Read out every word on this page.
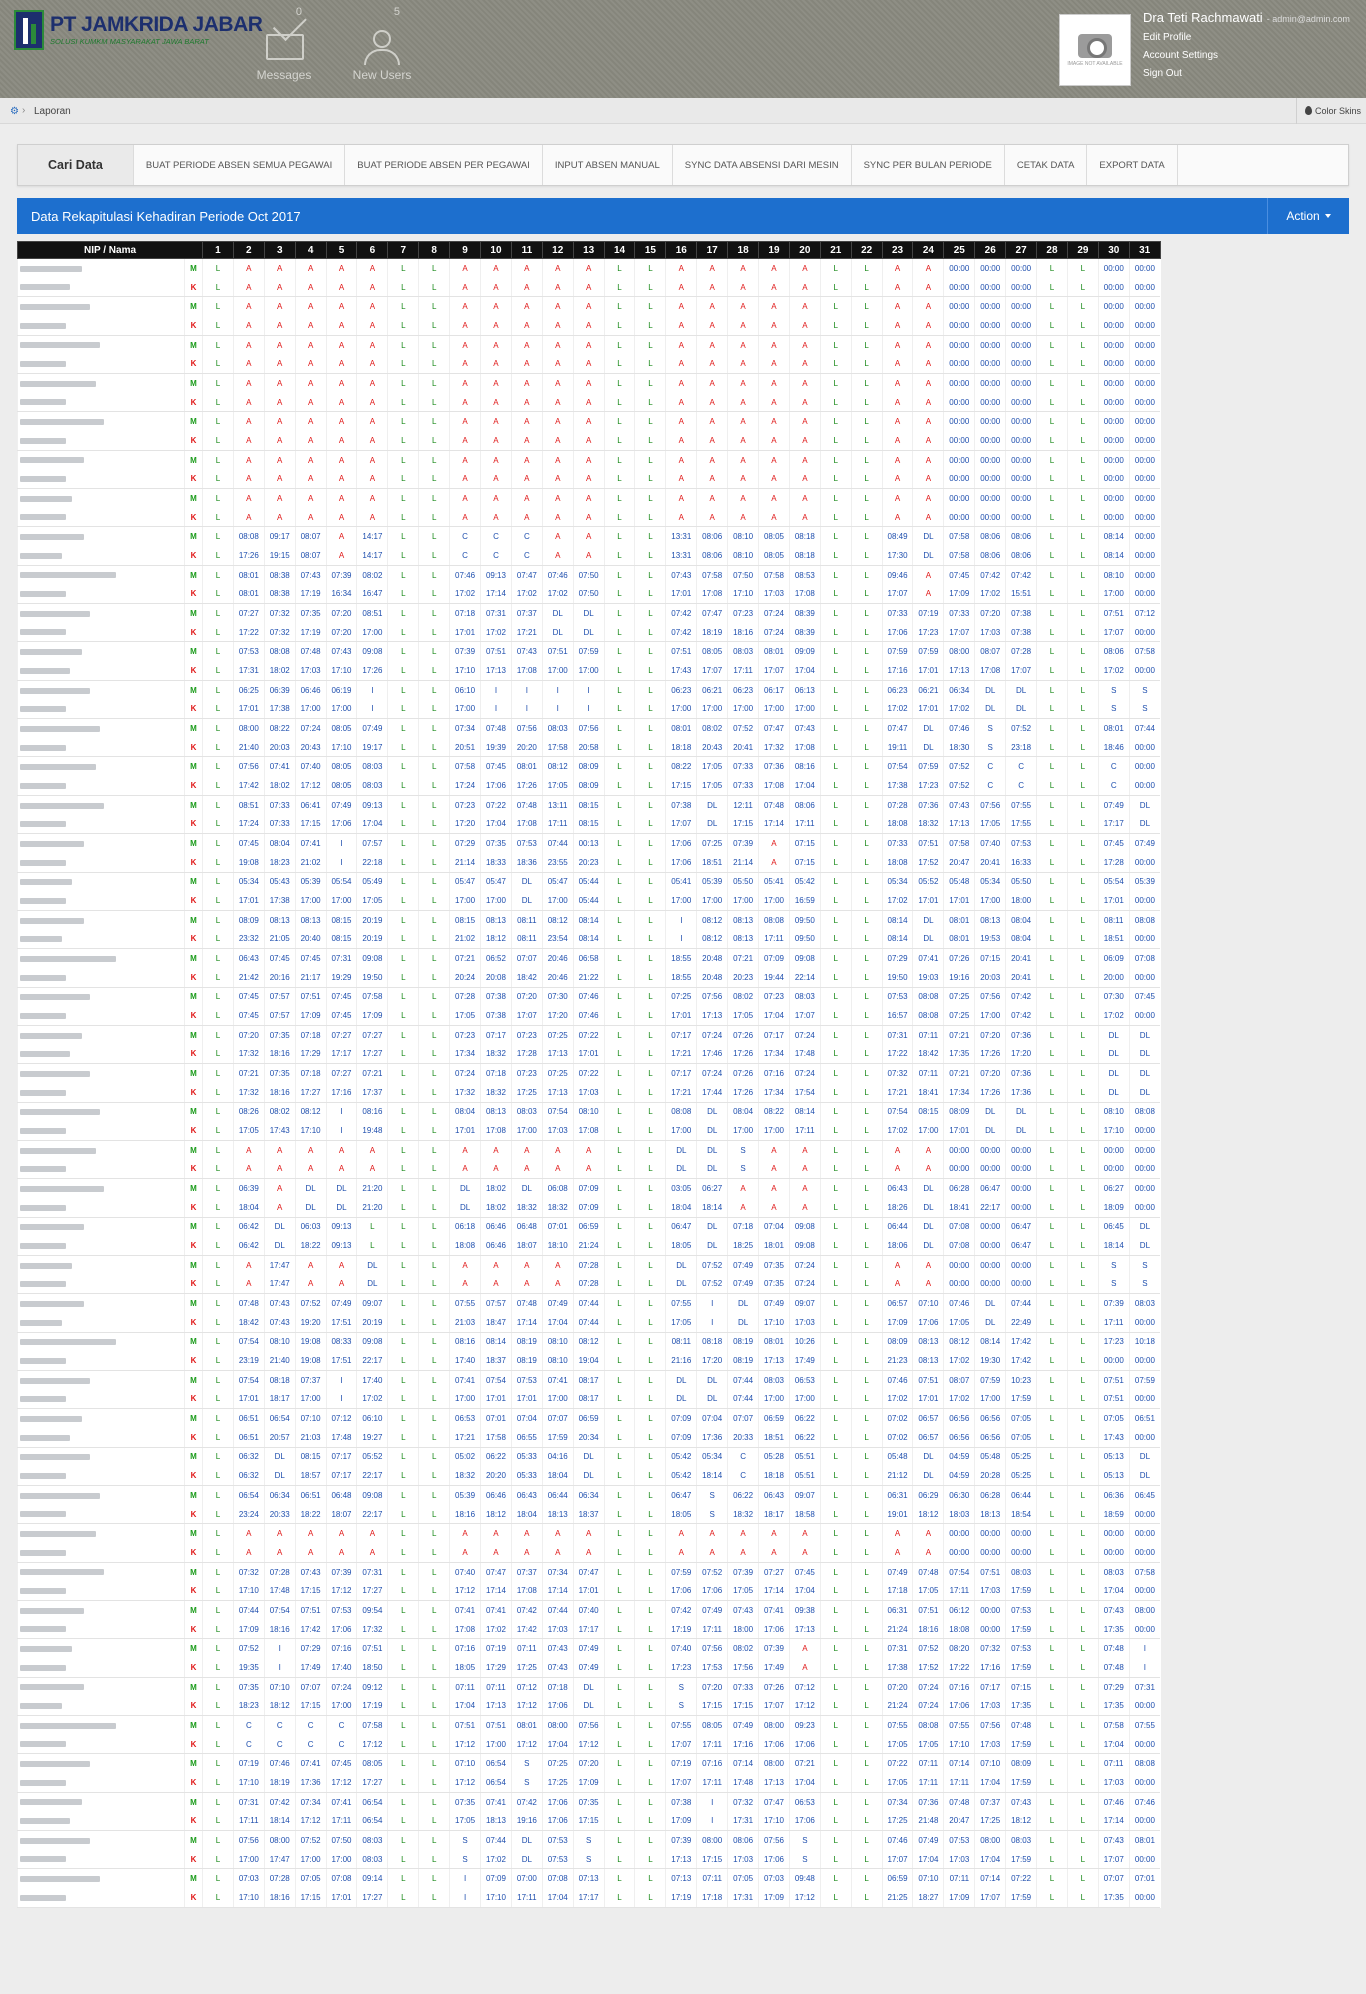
PT JAMKRIDA JABAR
SOLUSI KUMKM MASYARAKAT JAWA BARAT
0
Messages
5
New Users
IMAGE NOT AVAILABLE
Dra Teti Rachmawati - admin@admin.com
Edit Profile
Account Settings
Sign Out
⚙ › Laporan	Color Skins
Cari Data	BUAT PERIODE ABSEN SEMUA PEGAWAI	BUAT PERIODE ABSEN PER PEGAWAI	INPUT ABSEN MANUAL	SYNC DATA ABSENSI DARI MESIN	SYNC PER BULAN PERIODE	CETAK DATA	EXPORT DATA
Data Rekapitulasi Kehadiran Periode Oct 2017	Action
NIP / Nama		1	2	3	4	5	6	7	8	9	10	11	12	13	14	15	16	17	18	19	20	21	22	23	24	25	26	27	28	29	30	31
	M	L	A	A	A	A	A	L	L	A	A	A	A	A	L	L	A	A	A	A	A	L	L	A	A	00:00	00:00	00:00	L	L	00:00	00:00
	K	L	A	A	A	A	A	L	L	A	A	A	A	A	L	L	A	A	A	A	A	L	L	A	A	00:00	00:00	00:00	L	L	00:00	00:00
	M	L	A	A	A	A	A	L	L	A	A	A	A	A	L	L	A	A	A	A	A	L	L	A	A	00:00	00:00	00:00	L	L	00:00	00:00
	K	L	A	A	A	A	A	L	L	A	A	A	A	A	L	L	A	A	A	A	A	L	L	A	A	00:00	00:00	00:00	L	L	00:00	00:00
	M	L	A	A	A	A	A	L	L	A	A	A	A	A	L	L	A	A	A	A	A	L	L	A	A	00:00	00:00	00:00	L	L	00:00	00:00
	K	L	A	A	A	A	A	L	L	A	A	A	A	A	L	L	A	A	A	A	A	L	L	A	A	00:00	00:00	00:00	L	L	00:00	00:00
	M	L	A	A	A	A	A	L	L	A	A	A	A	A	L	L	A	A	A	A	A	L	L	A	A	00:00	00:00	00:00	L	L	00:00	00:00
	K	L	A	A	A	A	A	L	L	A	A	A	A	A	L	L	A	A	A	A	A	L	L	A	A	00:00	00:00	00:00	L	L	00:00	00:00
	M	L	A	A	A	A	A	L	L	A	A	A	A	A	L	L	A	A	A	A	A	L	L	A	A	00:00	00:00	00:00	L	L	00:00	00:00
	K	L	A	A	A	A	A	L	L	A	A	A	A	A	L	L	A	A	A	A	A	L	L	A	A	00:00	00:00	00:00	L	L	00:00	00:00
	M	L	A	A	A	A	A	L	L	A	A	A	A	A	L	L	A	A	A	A	A	L	L	A	A	00:00	00:00	00:00	L	L	00:00	00:00
	K	L	A	A	A	A	A	L	L	A	A	A	A	A	L	L	A	A	A	A	A	L	L	A	A	00:00	00:00	00:00	L	L	00:00	00:00
	M	L	A	A	A	A	A	L	L	A	A	A	A	A	L	L	A	A	A	A	A	L	L	A	A	00:00	00:00	00:00	L	L	00:00	00:00
	K	L	A	A	A	A	A	L	L	A	A	A	A	A	L	L	A	A	A	A	A	L	L	A	A	00:00	00:00	00:00	L	L	00:00	00:00
	M	L	08:08	09:17	08:07	A	14:17	L	L	C	C	C	A	A	L	L	13:31	08:06	08:10	08:05	08:18	L	L	08:49	DL	07:58	08:06	08:06	L	L	08:14	00:00
	K	L	17:26	19:15	08:07	A	14:17	L	L	C	C	C	A	A	L	L	13:31	08:06	08:10	08:05	08:18	L	L	17:30	DL	07:58	08:06	08:06	L	L	08:14	00:00
	M	L	08:01	08:38	07:43	07:39	08:02	L	L	07:46	09:13	07:47	07:46	07:50	L	L	07:43	07:58	07:50	07:58	08:53	L	L	09:46	A	07:45	07:42	07:42	L	L	08:10	00:00
	K	L	08:01	08:38	17:19	16:34	16:47	L	L	17:02	17:14	17:02	17:02	07:50	L	L	17:01	17:08	17:10	17:03	17:08	L	L	17:07	A	17:09	17:02	15:51	L	L	17:00	00:00
	M	L	07:27	07:32	07:35	07:20	08:51	L	L	07:18	07:31	07:37	DL	DL	L	L	07:42	07:47	07:23	07:24	08:39	L	L	07:33	07:19	07:33	07:20	07:38	L	L	07:51	07:12
	K	L	17:22	07:32	17:19	07:20	17:00	L	L	17:01	17:02	17:21	DL	DL	L	L	07:42	18:19	18:16	07:24	08:39	L	L	17:06	17:23	17:07	17:03	07:38	L	L	17:07	00:00
	M	L	07:53	08:08	07:48	07:43	09:08	L	L	07:39	07:51	07:43	07:51	07:59	L	L	07:51	08:05	08:03	08:01	09:09	L	L	07:59	07:59	08:00	08:07	07:28	L	L	08:06	07:58
	K	L	17:31	18:02	17:03	17:10	17:26	L	L	17:10	17:13	17:08	17:00	17:00	L	L	17:43	17:07	17:11	17:07	17:04	L	L	17:16	17:01	17:13	17:08	17:07	L	L	17:02	00:00
	M	L	06:25	06:39	06:46	06:19	I	L	L	06:10	I	I	I	I	L	L	06:23	06:21	06:23	06:17	06:13	L	L	06:23	06:21	06:34	DL	DL	L	L	S	S
	K	L	17:01	17:38	17:00	17:00	I	L	L	17:00	I	I	I	I	L	L	17:00	17:00	17:00	17:00	17:00	L	L	17:02	17:01	17:02	DL	DL	L	L	S	S
	M	L	08:00	08:22	07:24	08:05	07:49	L	L	07:34	07:48	07:56	08:03	07:56	L	L	08:01	08:02	07:52	07:47	07:43	L	L	07:47	DL	07:46	S	07:52	L	L	08:01	07:44
	K	L	21:40	20:03	20:43	17:10	19:17	L	L	20:51	19:39	20:20	17:58	20:58	L	L	18:18	20:43	20:41	17:32	17:08	L	L	19:11	DL	18:30	S	23:18	L	L	18:46	00:00
	M	L	07:56	07:41	07:40	08:05	08:03	L	L	07:58	07:45	08:01	08:12	08:09	L	L	08:22	17:05	07:33	07:36	08:16	L	L	07:54	07:59	07:52	C	C	L	L	C	00:00
	K	L	17:42	18:02	17:12	08:05	08:03	L	L	17:24	17:06	17:26	17:05	08:09	L	L	17:15	17:05	07:33	17:08	17:04	L	L	17:38	17:23	07:52	C	C	L	L	C	00:00
	M	L	08:51	07:33	06:41	07:49	09:13	L	L	07:23	07:22	07:48	13:11	08:15	L	L	07:38	DL	12:11	07:48	08:06	L	L	07:28	07:36	07:43	07:56	07:55	L	L	07:49	DL
	K	L	17:24	07:33	17:15	17:06	17:04	L	L	17:20	17:04	17:08	17:11	08:15	L	L	17:07	DL	17:15	17:14	17:11	L	L	18:08	18:32	17:13	17:05	17:55	L	L	17:17	DL
	M	L	07:45	08:04	07:41	I	07:57	L	L	07:29	07:35	07:53	07:44	00:13	L	L	17:06	07:25	07:39	A	07:15	L	L	07:33	07:51	07:58	07:40	07:53	L	L	07:45	07:49
	K	L	19:08	18:23	21:02	I	22:18	L	L	21:14	18:33	18:36	23:55	20:23	L	L	17:06	18:51	21:14	A	07:15	L	L	18:08	17:52	20:47	20:41	16:33	L	L	17:28	00:00
	M	L	05:34	05:43	05:39	05:54	05:49	L	L	05:47	05:47	DL	05:47	05:44	L	L	05:41	05:39	05:50	05:41	05:42	L	L	05:34	05:52	05:48	05:34	05:50	L	L	05:54	05:39
	K	L	17:01	17:38	17:00	17:00	17:05	L	L	17:00	17:00	DL	17:00	05:44	L	L	17:00	17:00	17:00	17:00	16:59	L	L	17:02	17:01	17:01	17:00	18:00	L	L	17:01	00:00
	M	L	08:09	08:13	08:13	08:15	20:19	L	L	08:15	08:13	08:11	08:12	08:14	L	L	I	08:12	08:13	08:08	09:50	L	L	08:14	DL	08:01	08:13	08:04	L	L	08:11	08:08
	K	L	23:32	21:05	20:40	08:15	20:19	L	L	21:02	18:12	08:11	23:54	08:14	L	L	I	08:12	08:13	17:11	09:50	L	L	08:14	DL	08:01	19:53	08:04	L	L	18:51	00:00
	M	L	06:43	07:45	07:45	07:31	09:08	L	L	07:21	06:52	07:07	20:46	06:58	L	L	18:55	20:48	07:21	07:09	09:08	L	L	07:29	07:41	07:26	07:15	20:41	L	L	06:09	07:08
	K	L	21:42	20:16	21:17	19:29	19:50	L	L	20:24	20:08	18:42	20:46	21:22	L	L	18:55	20:48	20:23	19:44	22:14	L	L	19:50	19:03	19:16	20:03	20:41	L	L	20:00	00:00
	M	L	07:45	07:57	07:51	07:45	07:58	L	L	07:28	07:38	07:20	07:30	07:46	L	L	07:25	07:56	08:02	07:23	08:03	L	L	07:53	08:08	07:25	07:56	07:42	L	L	07:30	07:45
	K	L	07:45	07:57	17:09	07:45	17:09	L	L	17:05	07:38	17:07	17:20	07:46	L	L	17:01	17:13	17:05	17:04	17:07	L	L	16:57	08:08	07:25	17:00	07:42	L	L	17:02	00:00
	M	L	07:20	07:35	07:18	07:27	07:27	L	L	07:23	07:17	07:23	07:25	07:22	L	L	07:17	07:24	07:26	07:17	07:24	L	L	07:31	07:11	07:21	07:20	07:36	L	L	DL	DL
	K	L	17:32	18:16	17:29	17:17	17:27	L	L	17:34	18:32	17:28	17:13	17:01	L	L	17:21	17:46	17:26	17:34	17:48	L	L	17:22	18:42	17:35	17:26	17:20	L	L	DL	DL
	M	L	07:21	07:35	07:18	07:27	07:21	L	L	07:24	07:18	07:23	07:25	07:22	L	L	07:17	07:24	07:26	07:16	07:24	L	L	07:32	07:11	07:21	07:20	07:36	L	L	DL	DL
	K	L	17:32	18:16	17:27	17:16	17:37	L	L	17:32	18:32	17:25	17:13	17:03	L	L	17:21	17:44	17:26	17:34	17:54	L	L	17:21	18:41	17:34	17:26	17:36	L	L	DL	DL
	M	L	08:26	08:02	08:12	I	08:16	L	L	08:04	08:13	08:03	07:54	08:10	L	L	08:08	DL	08:04	08:22	08:14	L	L	07:54	08:15	08:09	DL	DL	L	L	08:10	08:08
	K	L	17:05	17:43	17:10	I	19:48	L	L	17:01	17:08	17:00	17:03	17:08	L	L	17:00	DL	17:00	17:00	17:11	L	L	17:02	17:00	17:01	DL	DL	L	L	17:10	00:00
	M	L	A	A	A	A	A	L	L	A	A	A	A	A	L	L	DL	DL	S	A	A	L	L	A	A	00:00	00:00	00:00	L	L	00:00	00:00
	K	L	A	A	A	A	A	L	L	A	A	A	A	A	L	L	DL	DL	S	A	A	L	L	A	A	00:00	00:00	00:00	L	L	00:00	00:00
	M	L	06:39	A	DL	DL	21:20	L	L	DL	18:02	DL	06:08	07:09	L	L	03:05	06:27	A	A	A	L	L	06:43	DL	06:28	06:47	00:00	L	L	06:27	00:00
	K	L	18:04	A	DL	DL	21:20	L	L	DL	18:02	18:32	18:32	07:09	L	L	18:04	18:14	A	A	A	L	L	18:26	DL	18:41	22:17	00:00	L	L	18:09	00:00
	M	L	06:42	DL	06:03	09:13	L	L	L	06:18	06:46	06:48	07:01	06:59	L	L	06:47	DL	07:18	07:04	09:08	L	L	06:44	DL	07:08	00:00	06:47	L	L	06:45	DL
	K	L	06:42	DL	18:22	09:13	L	L	L	18:08	06:46	18:07	18:10	21:24	L	L	18:05	DL	18:25	18:01	09:08	L	L	18:06	DL	07:08	00:00	06:47	L	L	18:14	DL
	M	L	A	17:47	A	A	DL	L	L	A	A	A	A	07:28	L	L	DL	07:52	07:49	07:35	07:24	L	L	A	A	00:00	00:00	00:00	L	L	S	S
	K	L	A	17:47	A	A	DL	L	L	A	A	A	A	07:28	L	L	DL	07:52	07:49	07:35	07:24	L	L	A	A	00:00	00:00	00:00	L	L	S	S
	M	L	07:48	07:43	07:52	07:49	09:07	L	L	07:55	07:57	07:48	07:49	07:44	L	L	07:55	I	DL	07:49	09:07	L	L	06:57	07:10	07:46	DL	07:44	L	L	07:39	08:03
	K	L	18:42	07:43	19:20	17:51	20:19	L	L	21:03	18:47	17:14	17:04	07:44	L	L	17:05	I	DL	17:10	17:03	L	L	17:09	17:06	17:05	DL	22:49	L	L	17:11	00:00
	M	L	07:54	08:10	19:08	08:33	09:08	L	L	08:16	08:14	08:19	08:10	08:12	L	L	08:11	08:18	08:19	08:01	10:26	L	L	08:09	08:13	08:12	08:14	17:42	L	L	17:23	10:18
	K	L	23:19	21:40	19:08	17:51	22:17	L	L	17:40	18:37	08:19	08:10	19:04	L	L	21:16	17:20	08:19	17:13	17:49	L	L	21:23	08:13	17:02	19:30	17:42	L	L	00:00	00:00
	M	L	07:54	08:18	07:37	I	17:40	L	L	07:41	07:54	07:53	07:41	08:17	L	L	DL	DL	07:44	08:03	06:53	L	L	07:46	07:51	08:07	07:59	10:23	L	L	07:51	07:59
	K	L	17:01	18:17	17:00	I	17:02	L	L	17:00	17:01	17:01	17:00	08:17	L	L	DL	DL	07:44	17:00	17:00	L	L	17:02	17:01	17:02	17:00	17:59	L	L	07:51	00:00
	M	L	06:51	06:54	07:10	07:12	06:10	L	L	06:53	07:01	07:04	07:07	06:59	L	L	07:09	07:04	07:07	06:59	06:22	L	L	07:02	06:57	06:56	06:56	07:05	L	L	07:05	06:51
	K	L	06:51	20:57	21:03	17:48	19:27	L	L	17:21	17:58	06:55	17:59	20:34	L	L	07:09	17:36	20:33	18:51	06:22	L	L	07:02	06:57	06:56	06:56	07:05	L	L	17:43	00:00
	M	L	06:32	DL	08:15	07:17	05:52	L	L	05:02	06:22	05:33	04:16	DL	L	L	05:42	05:34	C	05:28	05:51	L	L	05:48	DL	04:59	05:48	05:25	L	L	05:13	DL
	K	L	06:32	DL	18:57	07:17	22:17	L	L	18:32	20:20	05:33	18:04	DL	L	L	05:42	18:14	C	18:18	05:51	L	L	21:12	DL	04:59	20:28	05:25	L	L	05:13	DL
	M	L	06:54	06:34	06:51	06:48	09:08	L	L	05:39	06:46	06:43	06:44	06:34	L	L	06:47	S	06:22	06:43	09:07	L	L	06:31	06:29	06:30	06:28	06:44	L	L	06:36	06:45
	K	L	23:24	20:33	18:22	18:07	22:17	L	L	18:16	18:12	18:04	18:13	18:37	L	L	18:05	S	18:32	18:17	18:58	L	L	19:01	18:12	18:03	18:13	18:54	L	L	18:59	00:00
	M	L	A	A	A	A	A	L	L	A	A	A	A	A	L	L	A	A	A	A	A	L	L	A	A	00:00	00:00	00:00	L	L	00:00	00:00
	K	L	A	A	A	A	A	L	L	A	A	A	A	A	L	L	A	A	A	A	A	L	L	A	A	00:00	00:00	00:00	L	L	00:00	00:00
	M	L	07:32	07:28	07:43	07:39	07:31	L	L	07:40	07:47	07:37	07:34	07:47	L	L	07:59	07:52	07:39	07:27	07:45	L	L	07:49	07:48	07:54	07:51	08:03	L	L	08:03	07:58
	K	L	17:10	17:48	17:15	17:12	17:27	L	L	17:12	17:14	17:08	17:14	17:01	L	L	17:06	17:06	17:05	17:14	17:04	L	L	17:18	17:05	17:11	17:03	17:59	L	L	17:04	00:00
	M	L	07:44	07:54	07:51	07:53	09:54	L	L	07:41	07:41	07:42	07:44	07:40	L	L	07:42	07:49	07:43	07:41	09:38	L	L	06:31	07:51	06:12	00:00	07:53	L	L	07:43	08:00
	K	L	17:09	18:16	17:42	17:06	17:32	L	L	17:08	17:02	17:42	17:03	17:17	L	L	17:19	17:11	18:00	17:06	17:13	L	L	21:24	18:16	18:08	00:00	17:59	L	L	17:35	00:00
	M	L	07:52	I	07:29	07:16	07:51	L	L	07:16	07:19	07:11	07:43	07:49	L	L	07:40	07:56	08:02	07:39	A	L	L	07:31	07:52	08:20	07:32	07:53	L	L	07:48	I
	K	L	19:35	I	17:49	17:40	18:50	L	L	18:05	17:29	17:25	07:43	07:49	L	L	17:23	17:53	17:56	17:49	A	L	L	17:38	17:52	17:22	17:16	17:59	L	L	07:48	I
	M	L	07:35	07:10	07:07	07:24	09:12	L	L	07:11	07:11	07:12	07:18	DL	L	L	S	07:20	07:33	07:26	07:12	L	L	07:20	07:24	07:16	07:17	07:15	L	L	07:29	07:31
	K	L	18:23	18:12	17:15	17:00	17:19	L	L	17:04	17:13	17:12	17:06	DL	L	L	S	17:15	17:15	17:07	17:12	L	L	21:24	07:24	17:06	17:03	17:35	L	L	17:35	00:00
	M	L	C	C	C	C	07:58	L	L	07:51	07:51	08:01	08:00	07:56	L	L	07:55	08:05	07:49	08:00	09:23	L	L	07:55	08:08	07:55	07:56	07:48	L	L	07:58	07:55
	K	L	C	C	C	C	17:12	L	L	17:12	17:00	17:12	17:04	17:12	L	L	17:07	17:11	17:16	17:06	17:06	L	L	17:05	17:05	17:10	17:03	17:59	L	L	17:04	00:00
	M	L	07:19	07:46	07:41	07:45	08:05	L	L	07:10	06:54	S	07:25	07:20	L	L	07:19	07:16	07:14	08:00	07:21	L	L	07:22	07:11	07:14	07:10	08:09	L	L	07:11	08:08
	K	L	17:10	18:19	17:36	17:12	17:27	L	L	17:12	06:54	S	17:25	17:09	L	L	17:07	17:11	17:48	17:13	17:04	L	L	17:05	17:11	17:11	17:04	17:59	L	L	17:03	00:00
	M	L	07:31	07:42	07:34	07:41	06:54	L	L	07:35	07:41	07:42	17:06	07:35	L	L	07:38	I	07:32	07:47	06:53	L	L	07:34	07:36	07:48	07:37	07:43	L	L	07:46	07:46
	K	L	17:11	18:14	17:12	17:11	06:54	L	L	17:05	18:13	19:16	17:06	17:15	L	L	17:09	I	17:31	17:10	17:06	L	L	17:25	21:48	20:47	17:25	18:12	L	L	17:14	00:00
	M	L	07:56	08:00	07:52	07:50	08:03	L	L	S	07:44	DL	07:53	S	L	L	07:39	08:00	08:06	07:56	S	L	L	07:46	07:49	07:53	08:00	08:03	L	L	07:43	08:01
	K	L	17:00	17:47	17:00	17:00	08:03	L	L	S	17:02	DL	07:53	S	L	L	17:13	17:15	17:03	17:06	S	L	L	17:07	17:04	17:03	17:04	17:59	L	L	17:07	00:00
	M	L	07:03	07:28	07:05	07:08	09:14	L	L	I	07:09	07:00	07:08	07:13	L	L	07:13	07:11	07:05	07:03	09:48	L	L	06:59	07:10	07:11	07:14	07:22	L	L	07:07	07:01
	K	L	17:10	18:16	17:15	17:01	17:27	L	L	I	17:10	17:11	17:04	17:17	L	L	17:19	17:18	17:31	17:09	17:12	L	L	21:25	18:27	17:09	17:07	17:59	L	L	17:35	00:00
